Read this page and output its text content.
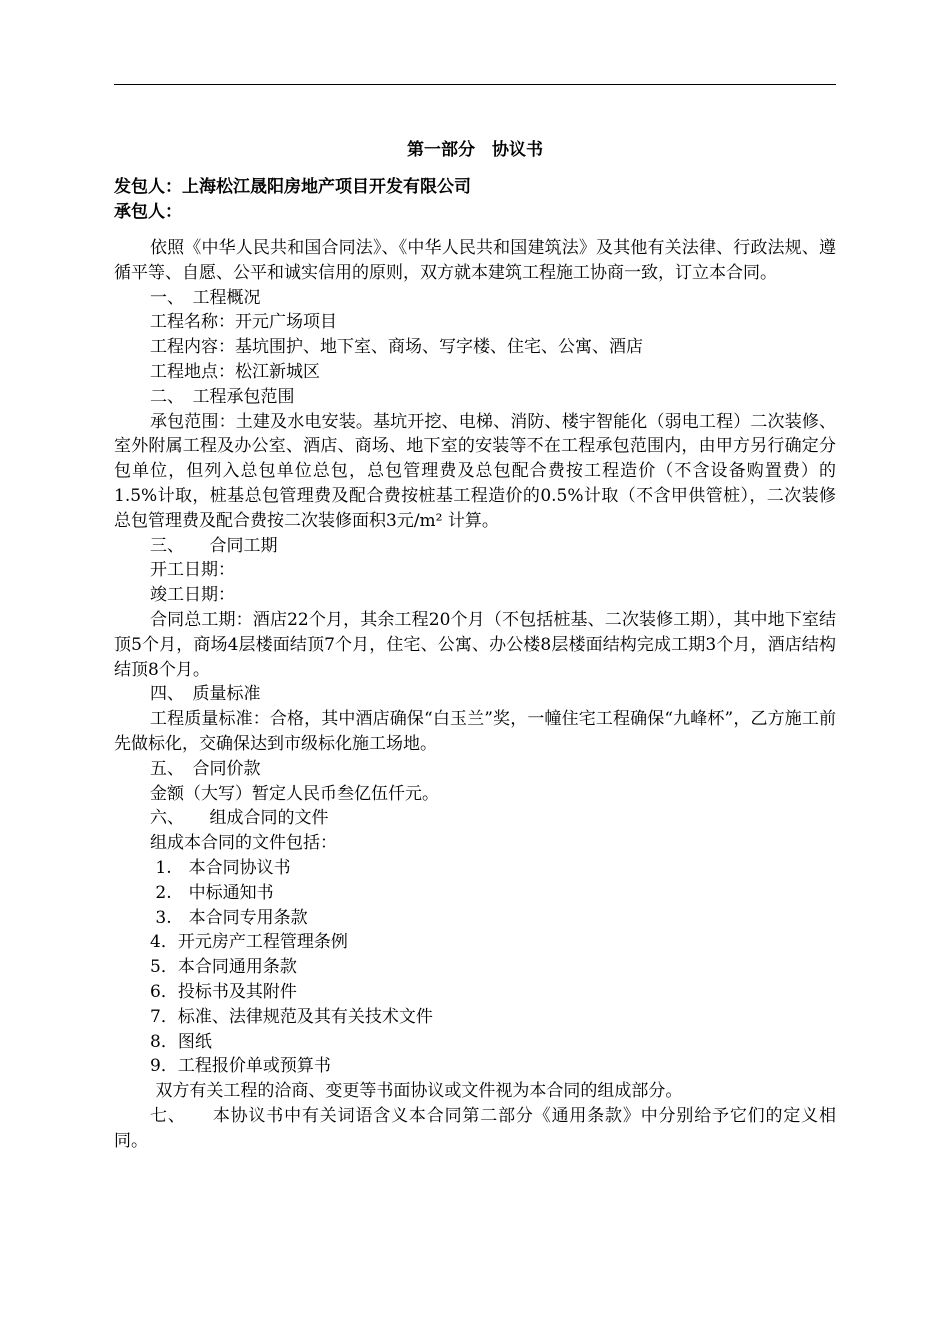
第一部分　协议书
发包人：上海松江晟阳房地产项目开发有限公司
承包人：

依照《中华人民共和国合同法》、《中华人民共和国建筑法》及其他有关法律、行政法规、遵循平等、自愿、公平和诚实信用的原则，双方就本建筑工程施工协商一致，订立本合同。

一、　工程概况

工程名称：开元广场项目

工程内容：基坑围护、地下室、商场、写字楼、住宅、公寓、酒店

工程地点：松江新城区

二、　工程承包范围

承包范围：土建及水电安装。基坑开挖、电梯、消防、楼宇智能化（弱电工程）二次装修、室外附属工程及办公室、酒店、商场、地下室的安装等不在工程承包范围内，由甲方另行确定分包单位，但列入总包单位总包，总包管理费及总包配合费按工程造价（不含设备购置费）的1.5%计取，桩基总包管理费及配合费按桩基工程造价的0.5%计取（不含甲供管桩），二次装修总包管理费及配合费按二次装修面积3元/m² 计算。

三、　　合同工期

开工日期：

竣工日期：

合同总工期：酒店22个月，其余工程20个月（不包括桩基、二次装修工期），其中地下室结顶5个月，商场4层楼面结顶7个月，住宅、公寓、办公楼8层楼面结构完成工期3个月，酒店结构结顶8个月。

四、　质量标准

工程质量标准：合格，其中酒店确保“白玉兰”奖，一幢住宅工程确保“九峰杯”，乙方施工前先做标化，交确保达到市级标化施工场地。

五、　合同价款

金额（大写）暂定人民币叁亿伍仟元。

六、　　组成合同的文件

组成本合同的文件包括：

1.　本合同协议书

2.　中标通知书

3.　本合同专用条款

4．开元房产工程管理条例

5．本合同通用条款

6．投标书及其附件

7．标准、法律规范及其有关技术文件

8．图纸

9．工程报价单或预算书

双方有关工程的洽商、变更等书面协议或文件视为本合同的组成部分。

七、　　本协议书中有关词语含义本合同第二部分《通用条款》中分别给予它们的定义相同。
